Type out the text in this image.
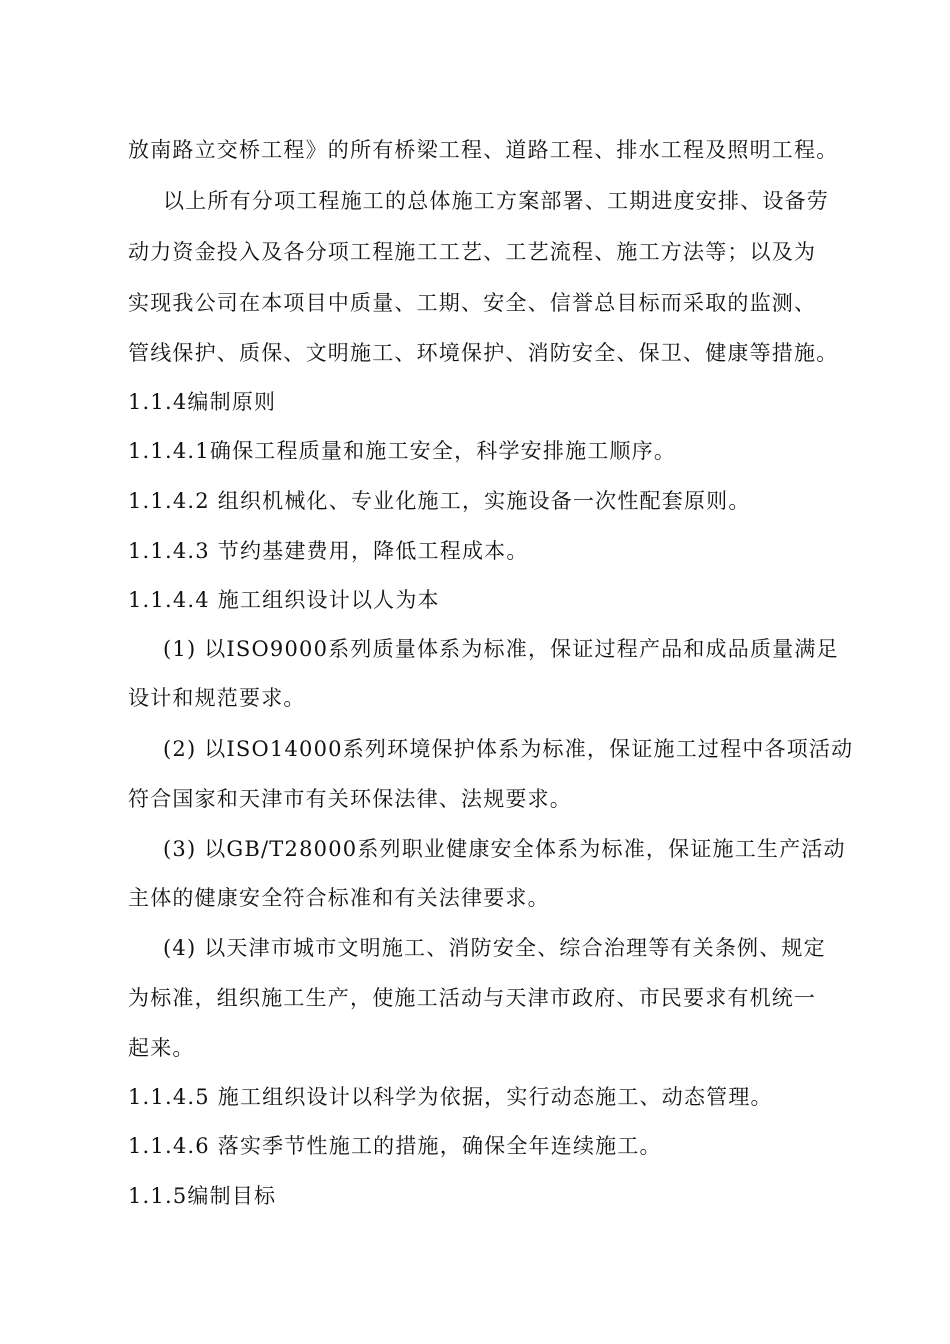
放南路立交桥工程》的所有桥梁工程、道路工程、排水工程及照明工程。
以上所有分项工程施工的总体施工方案部署、工期进度安排、设备劳
动力资金投入及各分项工程施工工艺、工艺流程、施工方法等；以及为
实现我公司在本项目中质量、工期、安全、信誉总目标而采取的监测、
管线保护、质保、文明施工、环境保护、消防安全、保卫、健康等措施。
1.1.4编制原则
1.1.4.1确保工程质量和施工安全，科学安排施工顺序。
1.1.4.2 组织机械化、专业化施工，实施设备一次性配套原则。
1.1.4.3 节约基建费用，降低工程成本。
1.1.4.4 施工组织设计以人为本
(1) 以ISO9000系列质量体系为标准，保证过程产品和成品质量满足
设计和规范要求。
(2) 以ISO14000系列环境保护体系为标准，保证施工过程中各项活动
符合国家和天津市有关环保法律、法规要求。
(3) 以GB/T28000系列职业健康安全体系为标准，保证施工生产活动
主体的健康安全符合标准和有关法律要求。
(4) 以天津市城市文明施工、消防安全、综合治理等有关条例、规定
为标准，组织施工生产，使施工活动与天津市政府、市民要求有机统一
起来。
1.1.4.5 施工组织设计以科学为依据，实行动态施工、动态管理。
1.1.4.6 落实季节性施工的措施，确保全年连续施工。
1.1.5编制目标
